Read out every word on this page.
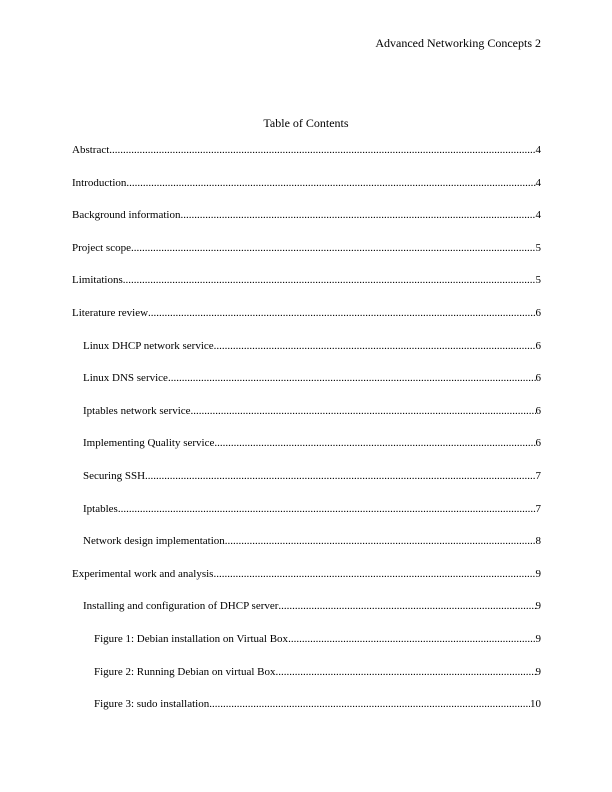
Advanced Networking Concepts 2
Table of Contents
Abstract .....	4
Introduction .....	4
Background information .....	4
Project scope .....	5
Limitations .....	5
Literature review .....	6
Linux DHCP network service .....	6
Linux DNS service .....	6
Iptables network service .....	6
Implementing Quality service .....	6
Securing SSH .....	7
Iptables .....	7
Network design implementation .....	8
Experimental work and analysis .....	9
Installing and configuration of DHCP server .....	9
Figure 1: Debian installation on Virtual Box .....	9
Figure 2: Running Debian on virtual Box .....	9
Figure 3: sudo installation .....	10
